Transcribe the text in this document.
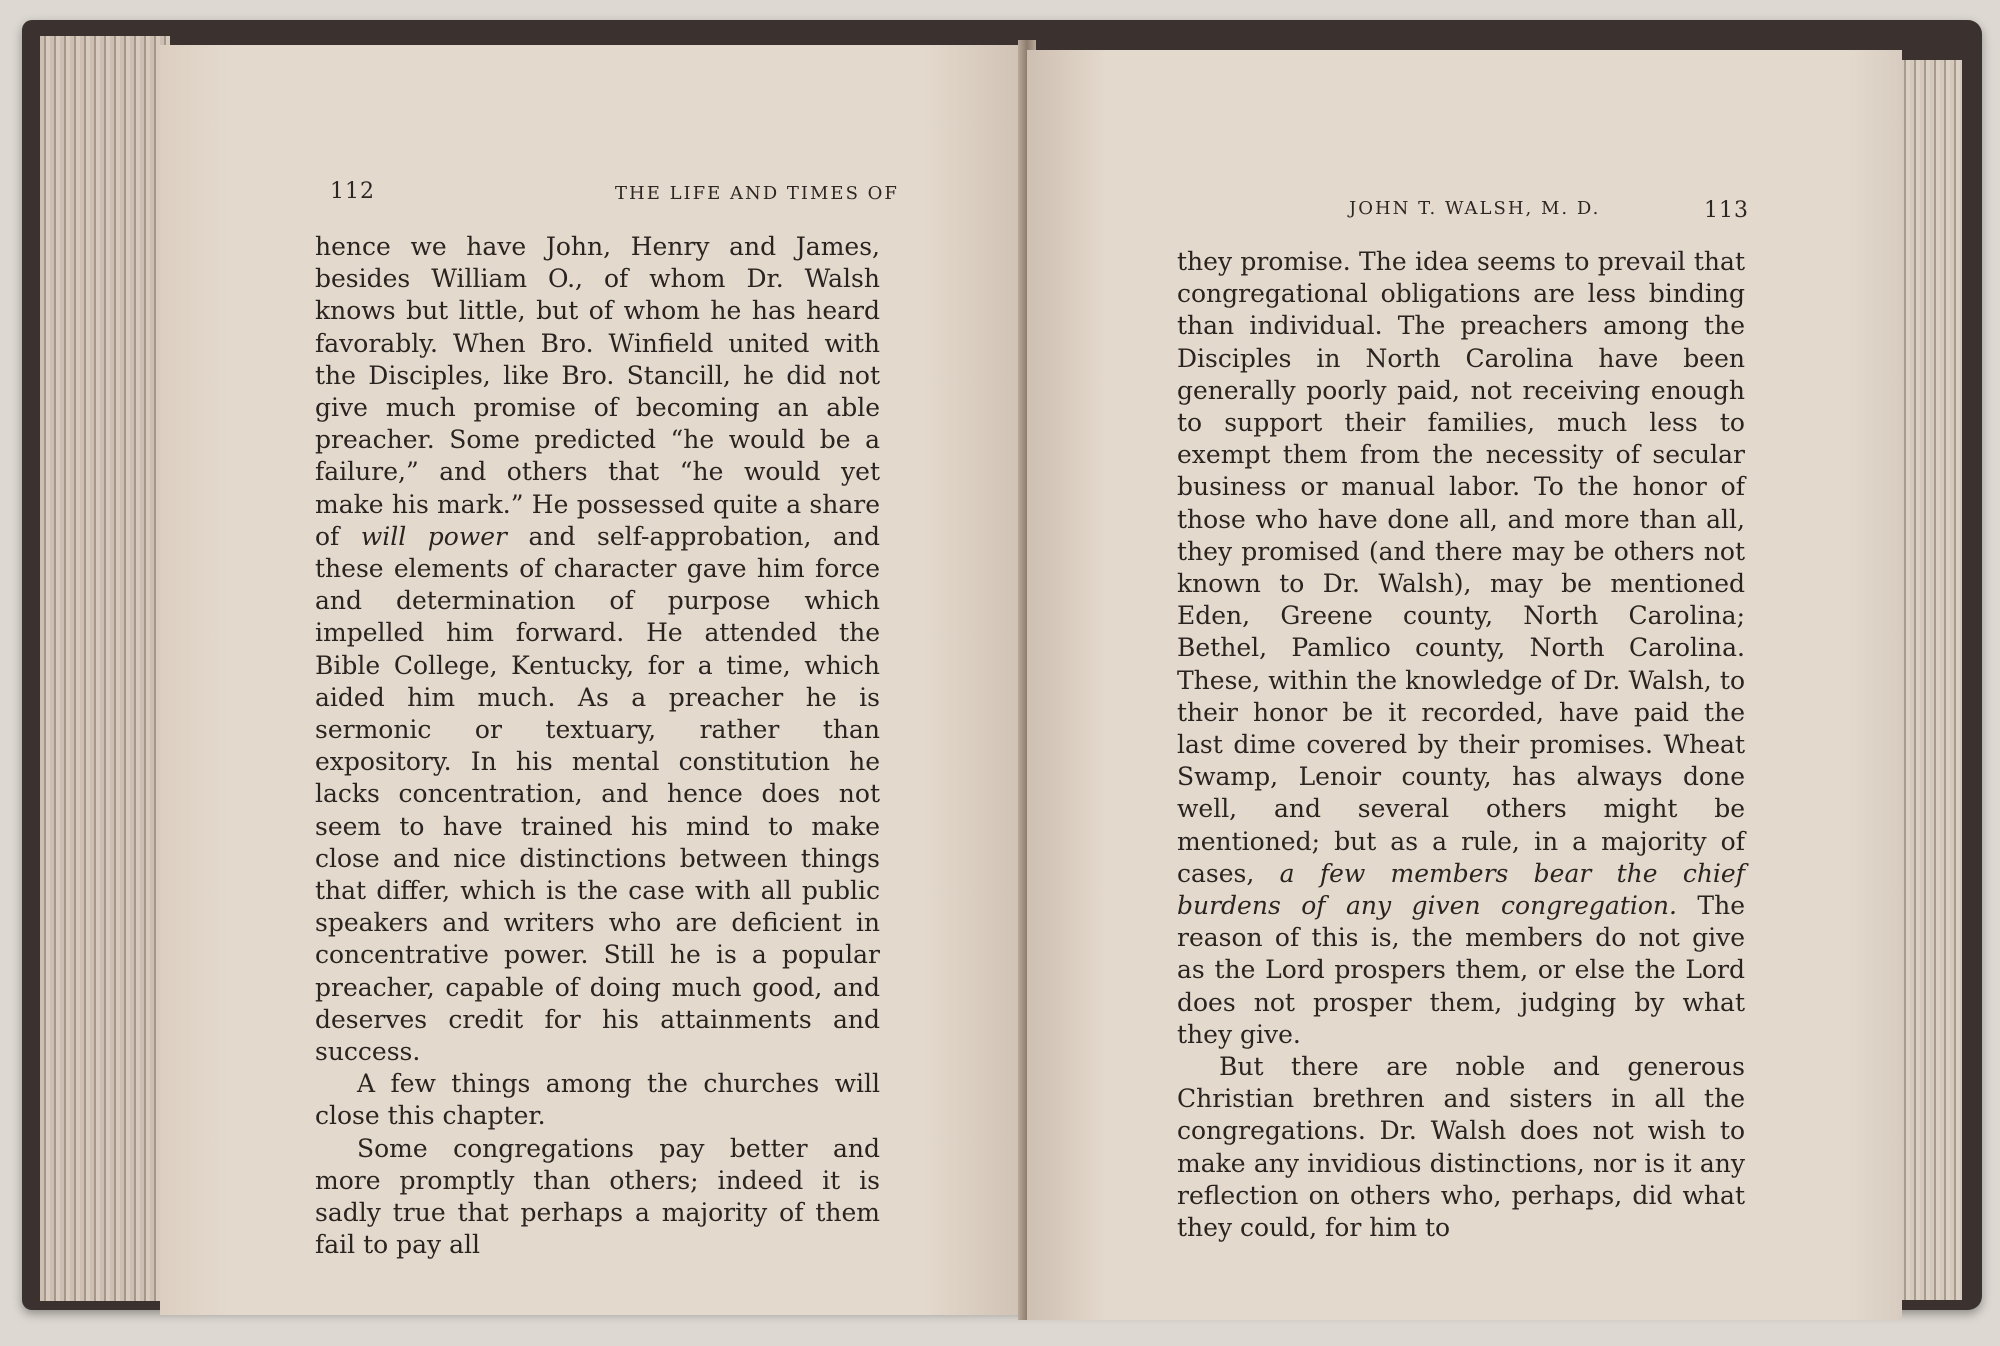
112	THE LIFE AND TIMES OF

hence we have John, Henry and James, besides William O., of whom Dr. Walsh knows but little, but of whom he has heard favorably. When Bro. Winfield united with the Disciples, like Bro. Stancill, he did not give much promise of becoming an able preacher. Some predicted “he would be a failure,” and others that “he would yet make his mark.” He possessed quite a share of will power and self-approbation, and these elements of character gave him force and determination of purpose which impelled him forward. He attended the Bible College, Kentucky, for a time, which aided him much. As a preacher he is sermonic or textuary, rather than expository. In his mental constitution he lacks concentration, and hence does not seem to have trained his mind to make close and nice distinctions between things that differ, which is the case with all public speakers and writers who are deficient in concentrative power. Still he is a popular preacher, capable of doing much good, and deserves credit for his attainments and success.

A few things among the churches will close this chapter.

Some congregations pay better and more promptly than others; indeed it is sadly true that perhaps a majority of them fail to pay all

JOHN T. WALSH, M. D.	113

they promise. The idea seems to prevail that congregational obligations are less binding than individual. The preachers among the Disciples in North Carolina have been generally poorly paid, not receiving enough to support their families, much less to exempt them from the necessity of secular business or manual labor. To the honor of those who have done all, and more than all, they promised (and there may be others not known to Dr. Walsh), may be mentioned Eden, Greene county, North Carolina; Bethel, Pamlico county, North Carolina. These, within the knowledge of Dr. Walsh, to their honor be it recorded, have paid the last dime covered by their promises. Wheat Swamp, Lenoir county, has always done well, and several others might be mentioned; but as a rule, in a majority of cases, a few members bear the chief burdens of any given congregation. The reason of this is, the members do not give as the Lord prospers them, or else the Lord does not prosper them, judging by what they give.

But there are noble and generous Christian brethren and sisters in all the congregations. Dr. Walsh does not wish to make any invidious distinctions, nor is it any reflection on others who, perhaps, did what they could, for him to
